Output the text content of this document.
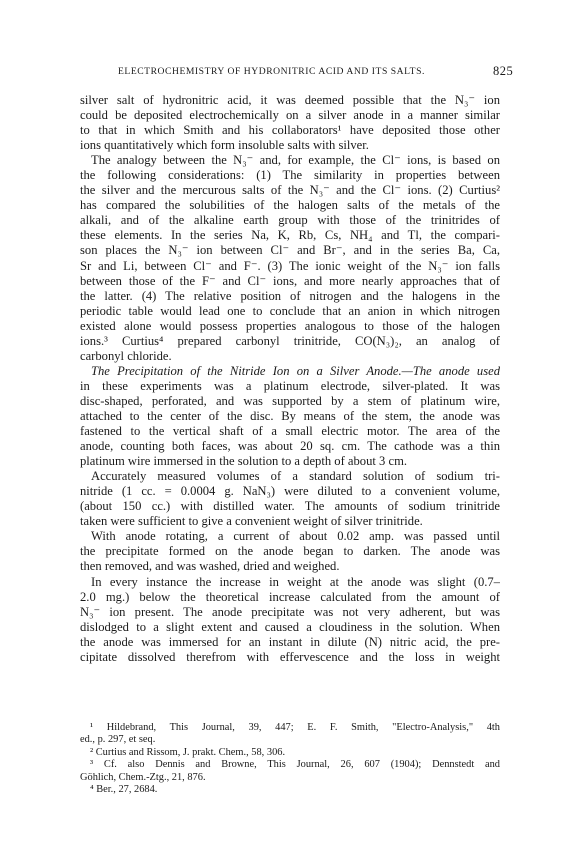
ELECTROCHEMISTRY OF HYDRONITRIC ACID AND ITS SALTS.	825
silver salt of hydronitric acid, it was deemed possible that the N₃⁻ ion
could be deposited electrochemically on a silver anode in a manner similar
to that in which Smith and his collaborators¹ have deposited those other
ions quantitatively which form insoluble salts with silver.
The analogy between the N₃⁻ and, for example, the Cl⁻ ions, is based on
the following considerations: (1) The similarity in properties between
the silver and the mercurous salts of the N₃⁻ and the Cl⁻ ions. (2) Curtius²
has compared the solubilities of the halogen salts of the metals of the
alkali, and of the alkaline earth group with those of the trinitrides of
these elements. In the series Na, K, Rb, Cs, NH₄ and Tl, the compari-
son places the N₃⁻ ion between Cl⁻ and Br⁻, and in the series Ba, Ca,
Sr and Li, between Cl⁻ and F⁻. (3) The ionic weight of the N₃⁻ ion falls
between those of the F⁻ and Cl⁻ ions, and more nearly approaches that of
the latter. (4) The relative position of nitrogen and the halogens in the
periodic table would lead one to conclude that an anion in which nitrogen
existed alone would possess properties analogous to those of the halogen
ions.³ Curtius⁴ prepared carbonyl trinitride, CO(N₃)₂, an analog of
carbonyl chloride.
The Precipitation of the Nitride Ion on a Silver Anode.—The anode used
in these experiments was a platinum electrode, silver-plated. It was
disc-shaped, perforated, and was supported by a stem of platinum wire,
attached to the center of the disc. By means of the stem, the anode was
fastened to the vertical shaft of a small electric motor. The area of the
anode, counting both faces, was about 20 sq. cm. The cathode was a thin
platinum wire immersed in the solution to a depth of about 3 cm.
Accurately measured volumes of a standard solution of sodium tri-
nitride (1 cc. = 0.0004 g. NaN₃) were diluted to a convenient volume,
(about 150 cc.) with distilled water. The amounts of sodium trinitride
taken were sufficient to give a convenient weight of silver trinitride.
With anode rotating, a current of about 0.02 amp. was passed until
the precipitate formed on the anode began to darken. The anode was
then removed, and was washed, dried and weighed.
In every instance the increase in weight at the anode was slight (0.7–
2.0 mg.) below the theoretical increase calculated from the amount of
N₃⁻ ion present. The anode precipitate was not very adherent, but was
dislodged to a slight extent and caused a cloudiness in the solution. When
the anode was immersed for an instant in dilute (N) nitric acid, the pre-
cipitate dissolved therefrom with effervescence and the loss in weight
¹ Hildebrand, This Journal, 39, 447; E. F. Smith, "Electro-Analysis," 4th
ed., p. 297, et seq.
² Curtius and Rissom, J. prakt. Chem., 58, 306.
³ Cf. also Dennis and Browne, This Journal, 26, 607 (1904); Dennstedt and
Göhlich, Chem.-Ztg., 21, 876.
⁴ Ber., 27, 2684.
